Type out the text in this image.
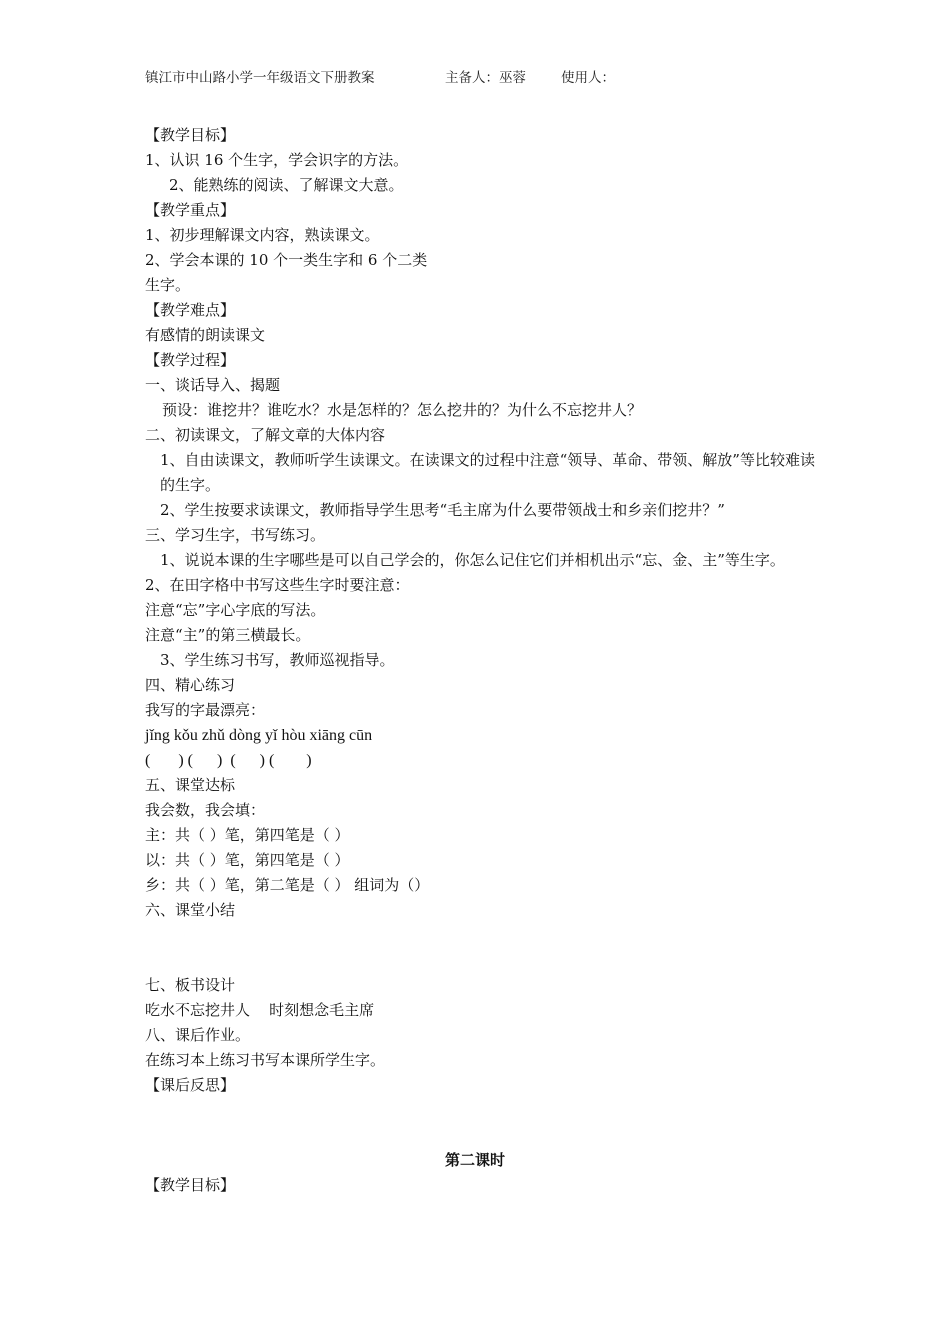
镇江市中山路小学一年级语文下册教案	主备人：巫蓉	使用人：
【教学目标】
1、认识 16 个生字，学会识字的方法。
2、能熟练的阅读、了解课文大意。
【教学重点】
1、初步理解课文内容，熟读课文。
2、学会本课的 10 个一类生字和 6 个二类
生字。
【教学难点】
有感情的朗读课文
【教学过程】
一、谈话导入、揭题
预设：谁挖井？谁吃水？水是怎样的？怎么挖井的？为什么不忘挖井人？
二、初读课文，了解文章的大体内容
1、自由读课文，教师听学生读课文。在读课文的过程中注意“领导、革命、带领、解放”等比较难读的生字。
2、学生按要求读课文，教师指导学生思考“毛主席为什么要带领战士和乡亲们挖井？”
三、学习生字，书写练习。
1、说说本课的生字哪些是可以自己学会的，你怎么记住它们并相机出示“忘、金、主”等生字。
2、在田字格中书写这些生字时要注意：
注意“忘”字心字底的写法。
注意“主”的第三横最长。
3、学生练习书写，教师巡视指导。
四、精心练习
我写的字最漂亮：
jǐng kǒu zhǔ dòng yǐ hòu xiāng cūn
(       ) (      )  (      ) (        )
五、课堂达标
我会数，我会填：
主：共（ ）笔，第四笔是（ ）
以：共（ ）笔，第四笔是（ ）
乡：共（ ）笔，第二笔是（ ） 组词为（）
六、课堂小结
七、板书设计
吃水不忘挖井人    时刻想念毛主席
八、课后作业。
在练习本上练习书写本课所学生字。
【课后反思】
第二课时
【教学目标】
